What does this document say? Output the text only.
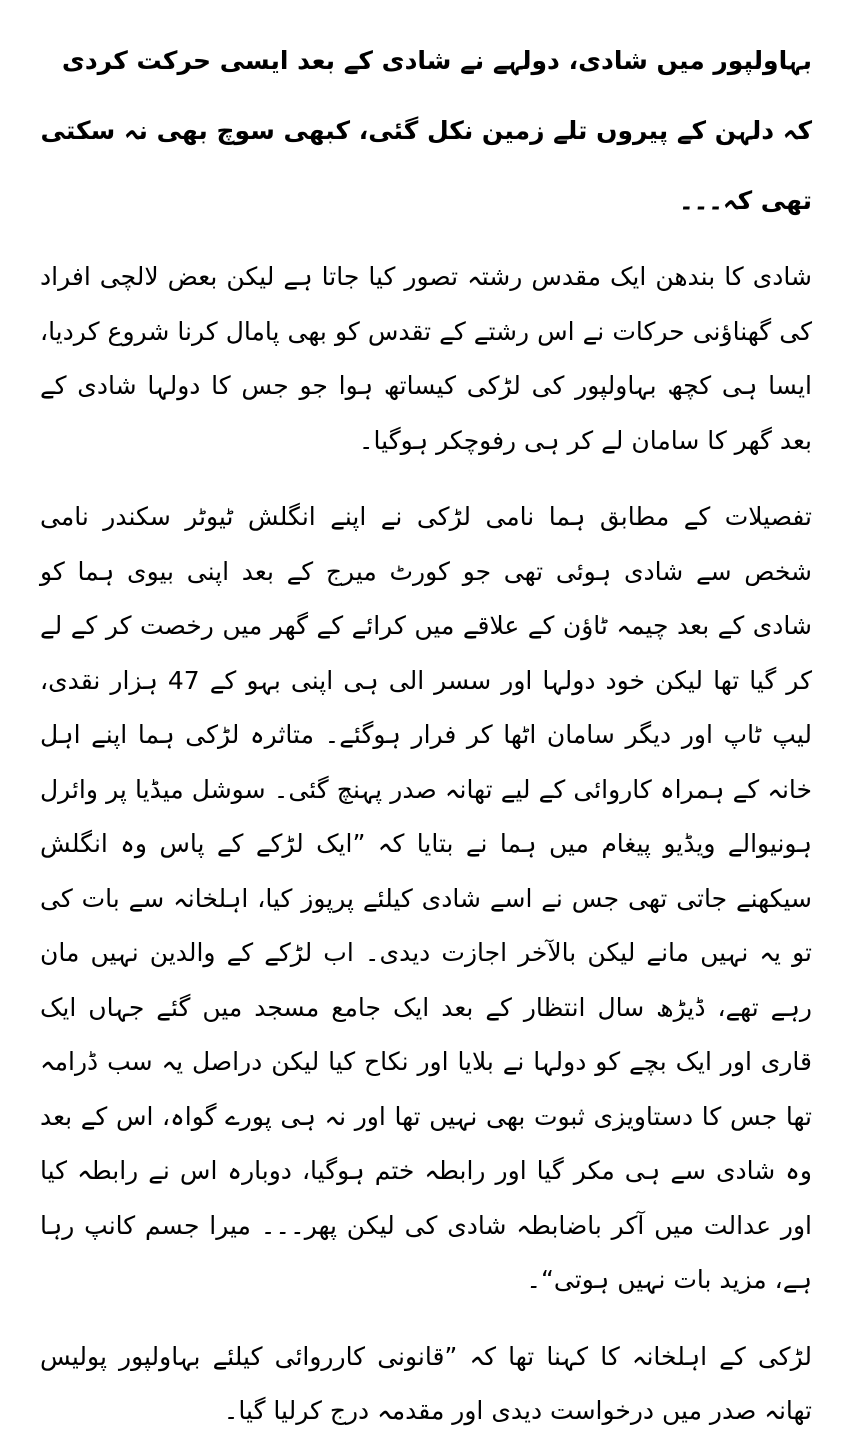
بہاولپور میں شادی، دولہے نے شادی کے بعد ایسی حرکت کردی کہ دلہن کے پیروں تلے زمین نکل گئی، کبھی سوچ بھی نہ سکتی تھی کہ۔۔۔
شادی کا بندھن ایک مقدس رشتہ تصور کیا جاتا ہے لیکن بعض لالچی افراد کی گھناؤنی حرکات نے اس رشتے کے تقدس کو بھی پامال کرنا شروع کردیا، ایسا ہی کچھ بہاولپور کی لڑکی کیساتھ ہوا جو جس کا دولہا شادی کے بعد گھر کا سامان لے کر ہی رفوچکر ہوگیا۔
تفصیلات کے مطابق ہما نامی لڑکی نے اپنے انگلش ٹیوٹر سکندر نامی شخص سے شادی ہوئی تھی جو کورٹ میرج کے بعد اپنی بیوی ہما کو شادی کے بعد چیمہ ٹاؤن کے علاقے میں کرائے کے گھر میں رخصت کر کے لے کر گیا تھا لیکن خود دولہا اور سسر الی ہی اپنی بہو کے 47 ہزار نقدی، لیپ ٹاپ اور دیگر سامان اٹھا کر فرار ہوگئے۔ متاثرہ لڑکی ہما اپنے اہل خانہ کے ہمراہ کاروائی کے لیے تھانہ صدر پہنچ گئی۔ سوشل میڈیا پر وائرل ہونیوالے ویڈیو پیغام میں ہما نے بتایا کہ ”ایک لڑکے کے پاس وہ انگلش سیکھنے جاتی تھی جس نے اسے شادی کیلئے پرپوز کیا، اہلخانہ سے بات کی تو یہ نہیں مانے لیکن بالآخر اجازت دیدی۔ اب لڑکے کے والدین نہیں مان رہے تھے، ڈیڑھ سال انتظار کے بعد ایک جامع مسجد میں گئے جہاں ایک قاری اور ایک بچے کو دولہا نے بلایا اور نکاح کیا لیکن دراصل یہ سب ڈرامہ تھا جس کا دستاویزی ثبوت بھی نہیں تھا اور نہ ہی پورے گواہ، اس کے بعد وہ شادی سے ہی مکر گیا اور رابطہ ختم ہوگیا، دوبارہ اس نے رابطہ کیا اور عدالت میں آکر باضابطہ شادی کی لیکن پھر۔۔۔ میرا جسم کانپ رہا ہے، مزید بات نہیں ہوتی“۔
لڑکی کے اہلخانہ کا کہنا تھا کہ ”قانونی کارروائی کیلئے بہاولپور پولیس تھانہ صدر میں درخواست دیدی اور مقدمہ درج کرلیا گیا۔
